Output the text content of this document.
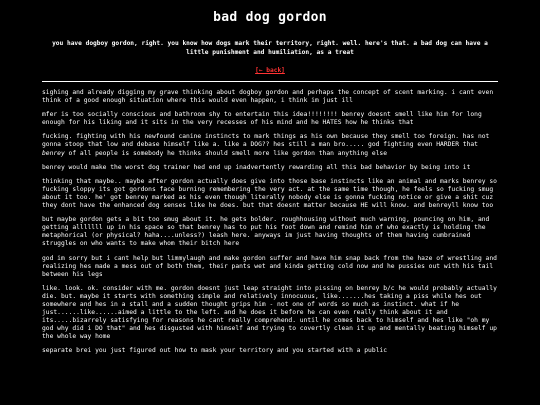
bad dog gordon
you have dogboy gordon, right. you know how dogs mark their territory, right. well. here's that. a bad dog can have a little punishment and humiliation, as a treat
[← back]

sighing and already digging my grave thinking about dogboy gordon and perhaps the concept of scent marking. i cant even think of a good enough situation where this would even happen, i think im just ill

mfer is too socially conscious and bathroom shy to entertain this idea!!!!!!!! benrey doesnt smell like him for long enough for his liking and it sits in the very recesses of his mind and he HATES how he thinks that

fucking. fighting with his newfound canine instincts to mark things as his own because they smell too foreign. has not gonna stoop that low and debase himself like a. like a DOG?? hes still a man bro..... god fighting even HARDER that benrey of all people is somebody he thinks should smell more like gordon than anything else

benrey would make the worst dog trainer hed end up inadvertently rewarding all this bad behavior by being into it

thinking that maybe.. maybe after gordon actually does give into those base instincts like an animal and marks benrey so fucking sloppy its got gordons face burning remembering the very act. at the same time though, he feels so fucking smug about it too. he' got benrey marked as his even though literally nobody else is gonna fucking notice or give a shit cuz they dont have the enhanced dog senses like he does. but that doesnt matter because HE will know. and benreyll know too

but maybe gordon gets a bit too smug about it. he gets bolder. roughhousing without much warning, pouncing on him, and getting alllllll up in his space so that benrey has to put his foot down and remind him of who exactly is holding the metaphorical (or physical? haha....unless?) leash here. anyways im just having thoughts of them having cumbrained struggles on who wants to make whom their bitch here

god im sorry but i cant help but limmylaugh and make gordon suffer and have him snap back from the haze of wrestling and realizing hes made a mess out of both them, their pants wet and kinda getting cold now and he pussies out with his tail between his legs

like. look. ok. consider with me. gordon doesnt just leap straight into pissing on benrey b/c he would probably actually die. but. maybe it starts with something simple and relatively innocuous, like.......hes taking a piss while hes out somewhere and hes in a stall and a sudden thought grips him - not one of words so much as instinct. what if he just......like......aimed a little to the left. and he does it before he can even really think about it and its.....bizarrely satisfying for reasons he cant really comprehend. until he comes back to himself and hes like "oh my god why did i DO that" and hes disgusted with himself and trying to covertly clean it up and mentally beating himself up the whole way home

separate brei you just figured out how to mask your territory and you started with a public
